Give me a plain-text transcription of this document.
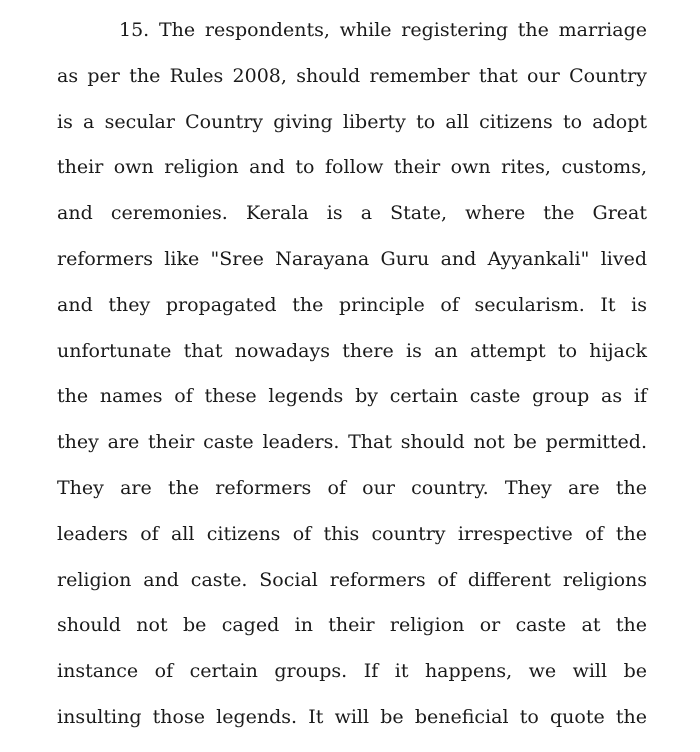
15. The respondents, while registering the marriage
as per the Rules 2008, should remember that our Country
is a secular Country giving liberty to all citizens to adopt
their own religion and to follow their own rites, customs,
and ceremonies. Kerala is a State, where the Great
reformers like "Sree Narayana Guru and Ayyankali" lived
and they propagated the principle of secularism. It is
unfortunate that nowadays there is an attempt to hijack
the names of these legends by certain caste group as if
they are their caste leaders. That should not be permitted.
They are the reformers of our country. They are the
leaders of all citizens of this country irrespective of the
religion and caste. Social reformers of different religions
should not be caged in their religion or caste at the
instance of certain groups. If it happens, we will be
insulting those legends. It will be beneficial to quote the
